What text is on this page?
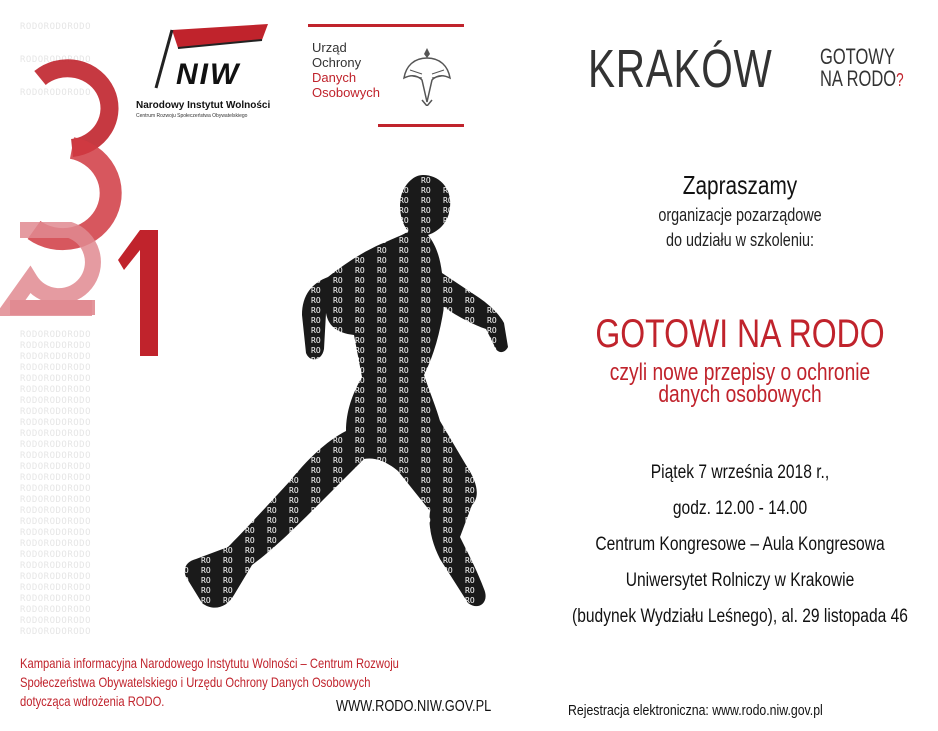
RODORODORODO

RODORODORODO

RODORODORODO

RODORODORODO
RODORODORODO
RODORODORODO
RODORODORODO
RODORODORODO
RODORODORODO
RODORODORODO
RODORODORODO
RODORODORODO
RODORODORODO
RODORODORODO
RODORODORODO
RODORODORODO
RODORODORODO
RODORODORODO
RODORODORODO
RODORODORODO
RODORODORODO
RODORODORODO
RODORODORODO
RODORODORODO
RODORODORODO
RODORODORODO
RODORODORODO
RODORODORODO
RODORODORODO
RODORODORODO
RODORODORODO
NIW
Narodowy Instytut Wolności
Centrum Rozwoju Społeczeństwa Obywatelskiego
Urząd
Ochrony
Danych
Osobowych	KRAKÓW GOTOWY
NA RODO?
Zapraszamy
organizacje pozarządowe
do udziału w szkoleniu:
GOTOWI NA RODO
czyli nowe przepisy o ochronie
danych osobowych
Piątek 7 września 2018 r.,
godz. 12.00 - 14.00
Centrum Kongresowe – Aula Kongresowa
Uniwersytet Rolniczy w Krakowie
(budynek Wydziału Leśnego), al. 29 listopada 46
Kampania informacyjna Narodowego Instytutu Wolności – Centrum Rozwoju
Społeczeństwa Obywatelskiego i Urzędu Ochrony Danych Osobowych
dotycząca wdrożenia RODO.	WWW.RODO.NIW.GOV.PL	Rejestracja elektroniczna: www.rodo.niw.gov.pl
